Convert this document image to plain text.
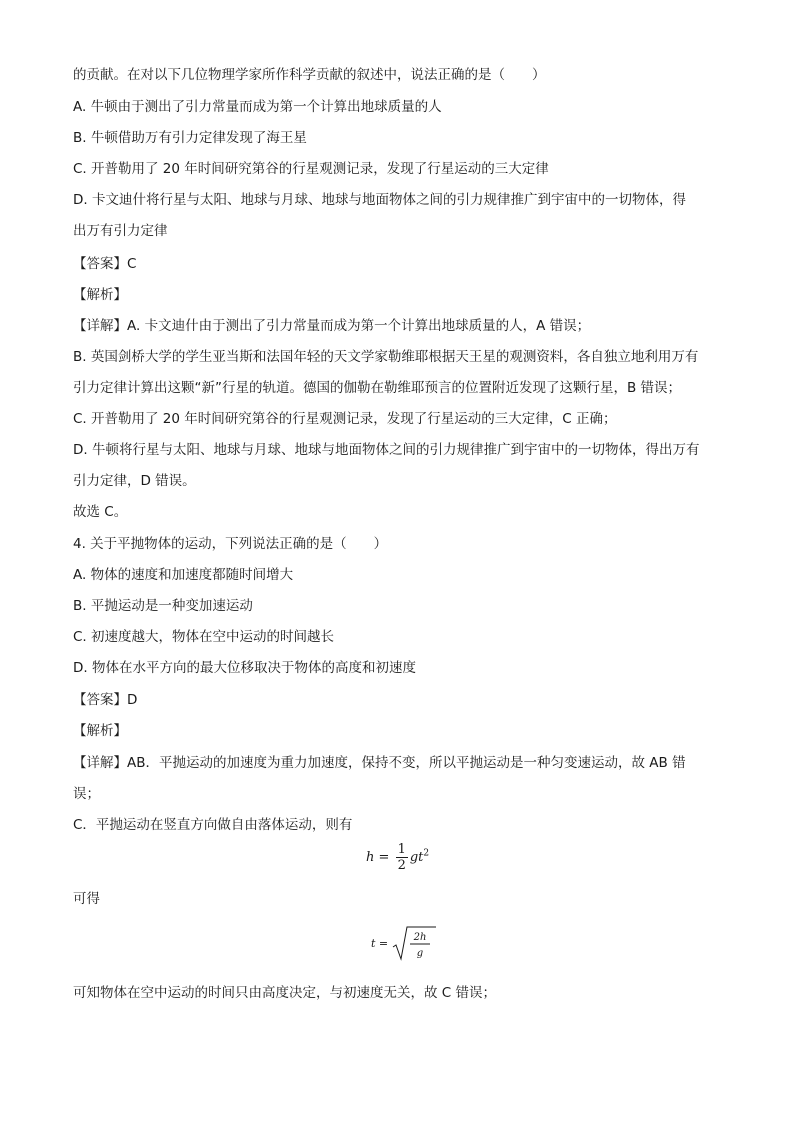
的贡献。在对以下几位物理学家所作科学贡献的叙述中，说法正确的是（　　）
A. 牛顿由于测出了引力常量而成为第一个计算出地球质量的人
B. 牛顿借助万有引力定律发现了海王星
C. 开普勒用了 20 年时间研究第谷的行星观测记录，发现了行星运动的三大定律
D. 卡文迪什将行星与太阳、地球与月球、地球与地面物体之间的引力规律推广到宇宙中的一切物体，得
出万有引力定律
【答案】C
【解析】
【详解】A. 卡文迪什由于测出了引力常量而成为第一个计算出地球质量的人，A 错误；
B. 英国剑桥大学的学生亚当斯和法国年轻的天文学家勒维耶根据天王星的观测资料，各自独立地利用万有
引力定律计算出这颗“新”行星的轨道。德国的伽勒在勒维耶预言的位置附近发现了这颗行星，B 错误；
C. 开普勒用了 20 年时间研究第谷的行星观测记录，发现了行星运动的三大定律，C 正确；
D. 牛顿将行星与太阳、地球与月球、地球与地面物体之间的引力规律推广到宇宙中的一切物体，得出万有
引力定律，D 错误。
故选 C。
4. 关于平抛物体的运动，下列说法正确的是（　　）
A. 物体的速度和加速度都随时间增大
B. 平抛运动是一种变加速运动
C. 初速度越大，物体在空中运动的时间越长
D. 物体在水平方向的最大位移取决于物体的高度和初速度
【答案】D
【解析】
【详解】AB．平抛运动的加速度为重力加速度，保持不变，所以平抛运动是一种匀变速运动，故 AB 错
误；
C．平抛运动在竖直方向做自由落体运动，则有
$h = \frac{1}{2} gt^2$
可得
t =	2h
g
可知物体在空中运动的时间只由高度决定，与初速度无关，故 C 错误；
